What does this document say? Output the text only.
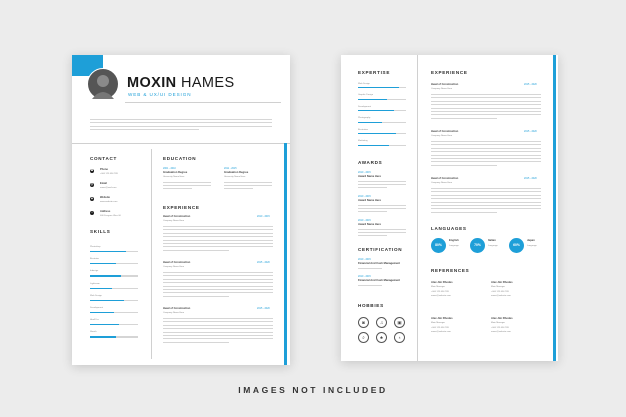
MOXIN HAMES
WEB & UX/UI DESIGN
CONTACT
☎ Phone
+000 123 456 789
@	Email
name@mail.com
◉	Website
www.website.com
⌂	Address
000 Fungma Ulica 00
SKILLS
Photoshop
Illustrator
Indesign
Lightroom
Web Design
Development
Html/Css
Sketch
EDUCATION
2001 - 2010
Graduation Degree
University Name Here
2011 - 2015
Graduation Degree
University Name Here
EXPERIENCE
Head of Construction
Company Name Here
2010 - 2015
Head of Construction
Company Name Here
2015 - 2020
Head of Construction
Company Name Here
2015 - 2020
EXPERTISE
Web Design
Graphic Design
Development
Photography
Illustration
Marketing
AWARDS
2010 - 2015
Award Name Here
2010 - 2015
Award Name Here
2010 - 2015
Award Name Here
CERTIFICATION
2010 - 2015
Financial And Cash Management
2010 - 2015
Financial And Cash Management
HOBBIES
◙	♫	▣
⌕	♣	♁
EXPERIENCE
Head of Construction
Company Name Here
2015 - 2020
Head of Construction
Company Name Here
2015 - 2020
Head of Construction
Company Name Here
2015 - 2020
LANGUAGES
80%
English
Language	70%
Italian
Language	60%
Japan
Language
REFERENCES
Alex Jim Rhodes
Main Manager
+000 123 456 789
name@website.com
Alex Jim Rhodes
Main Manager
+000 123 456 789
name@website.com
Alex Jim Rhodes
Main Manager
+000 123 456 789
name@website.com
Alex Jim Rhodes
Main Manager
+000 123 456 789
name@website.com
IMAGES NOT INCLUDED
